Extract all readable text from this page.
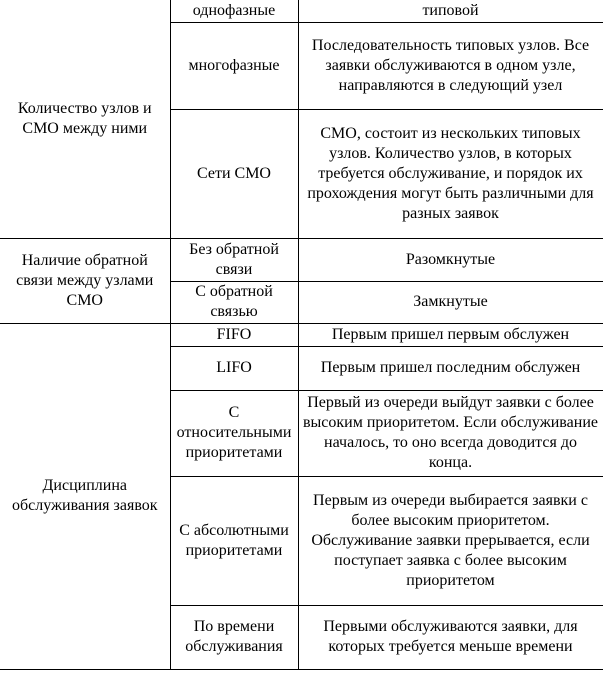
Количество узлов и СМО между ними	однофазные	типовой
	многофазные	Последовательность типовых узлов. Все заявки обслуживаются в одном узле, направляются в следующий узел
	Сети СМО	СМО, состоит из нескольких типовых узлов. Количество узлов, в которых требуется обслуживание, и порядок их прохождения могут быть различными для разных заявок
Наличие обратной связи между узлами СМО	Без обратной связи	Разомкнутые
	С обратной связью	Замкнутые
Дисциплина обслуживания заявок	FIFO	Первым пришел первым обслужен
	LIFO	Первым пришел последним обслужен
	С относительными приоритетами	Первый из очереди выйдут заявки с более высоким приоритетом. Если обслуживание началось, то оно всегда доводится до конца.
	С абсолютными приоритетами	Первым из очереди выбирается заявки с более высоким приоритетом. Обслуживание заявки прерывается, если поступает заявка с более высоким приоритетом
	По времени обслуживания	Первыми обслуживаются заявки, для которых требуется меньше времени
